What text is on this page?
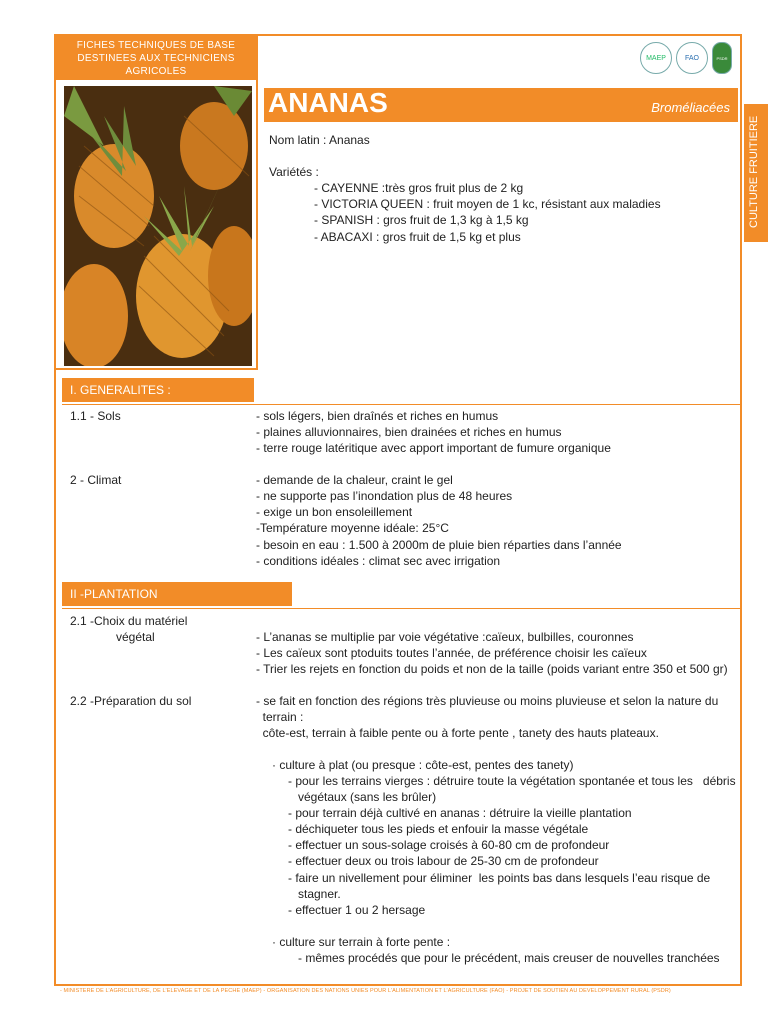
FICHES TECHNIQUES DE BASE
DESTINEES AUX TECHNICIENS
AGRICOLES
MAEP	FAO	PSDR
ANANAS	Broméliacées
CULTURE FRUITIERE
Nom latin : Ananas
Variétés :
- CAYENNE :très gros fruit plus de 2 kg
- VICTORIA QUEEN : fruit moyen de 1 kc, résistant aux maladies
- SPANISH : gros fruit de 1,3 kg à 1,5 kg
- ABACAXI : gros fruit de 1,5 kg et plus
I. GENERALITES :
1.1 - Sols	- sols légers, bien draînés et riches en humus
- plaines alluvionnaires, bien drainées et riches en humus
- terre rouge latéritique avec apport important de fumure organique
2 - Climat	- demande de la chaleur, craint le gel
- ne supporte pas l’inondation plus de 48 heures
- exige un bon ensoleillement
-Température moyenne idéale: 25°C
- besoin en eau : 1.500 à 2000m de pluie bien réparties dans l’année
- conditions idéales : climat sec avec irrigation
II -PLANTATION
2.1 -Choix du matériel
végétal	- L’ananas se multiplie par voie végétative :caïeux, bulbilles, couronnes
- Les caïeux sont ptoduits toutes l’année, de préférence choisir les caïeux
- Trier les rejets en fonction du poids et non de la taille (poids variant entre 350 et 500 gr)
2.2 -Préparation du sol	- se fait en fonction des régions très pluvieuse ou moins pluvieuse et selon la nature du
terrain :
côte-est, terrain à faible pente ou à forte pente , tanety des hauts plateaux.
· culture à plat (ou presque : côte-est, pentes des tanety)
- pour les terrains vierges : détruire toute la végétation spontanée et tous les   débris
végétaux (sans les brûler)
- pour terrain déjà cultivé en ananas : détruire la vieille plantation
- déchiqueter tous les pieds et enfouir la masse végétale
- effectuer un sous-solage croisés à 60-80 cm de profondeur
- effectuer deux ou trois labour de 25-30 cm de profondeur
- faire un nivellement pour éliminer  les points bas dans lesquels l’eau risque de
stagner.
- effectuer 1 ou 2 hersage
· culture sur terrain à forte pente :
- mêmes procédés que pour le précédent, mais creuser de nouvelles tranchées
- MINISTERE DE L’AGRICULTURE, DE L’ELEVAGE ET DE LA PECHE (MAEP) - ORGANISATION DES NATIONS UNIES POUR L’ALIMENTATION ET L’AGRICULTURE (FAO) - PROJET DE SOUTIEN AU DEVELOPPEMENT RURAL (PSDR)
